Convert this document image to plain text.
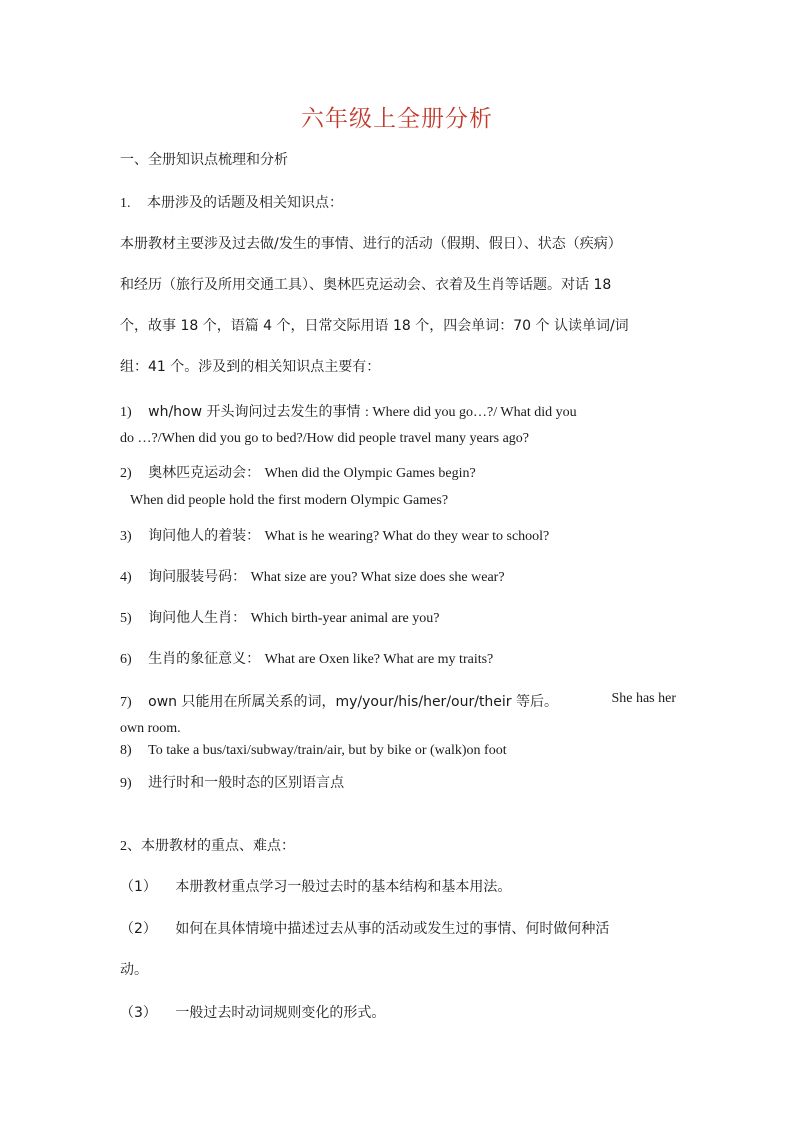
六年级上全册分析
一、全册知识点梳理和分析
1. 本册涉及的话题及相关知识点：
本册教材主要涉及过去做/发生的事情、进行的活动（假期、假日）、状态（疾病）
和经历（旅行及所用交通工具）、奥林匹克运动会、衣着及生肖等话题。对话 18
个，故事 18 个，语篇 4 个，日常交际用语 18 个，四会单词：70 个 认读单词/词
组：41 个。涉及到的相关知识点主要有：
1) wh/how 开头询问过去发生的事情 : Where did you go…?/ What did you
do …?/When did you go to bed?/How did people travel many years ago?
2) 奥林匹克运动会： When did the Olympic Games begin?
When did people hold the first modern Olympic Games?
3) 询问他人的着装： What is he wearing? What do they wear to school?
4) 询问服装号码： What size are you? What size does she wear?
5) 询问他人生肖： Which birth-year animal are you?
6) 生肖的象征意义： What are Oxen like? What are my traits?
7) own 只能用在所属关系的词，my/your/his/her/our/their 等后。	She has her
own room.
8) To take a bus/taxi/subway/train/air, but by bike or (walk)on foot
9) 进行时和一般时态的区别语言点
2、本册教材的重点、难点：
（1） 本册教材重点学习一般过去时的基本结构和基本用法。
（2） 如何在具体情境中描述过去从事的活动或发生过的事情、何时做何种活
动。
（3） 一般过去时动词规则变化的形式。
